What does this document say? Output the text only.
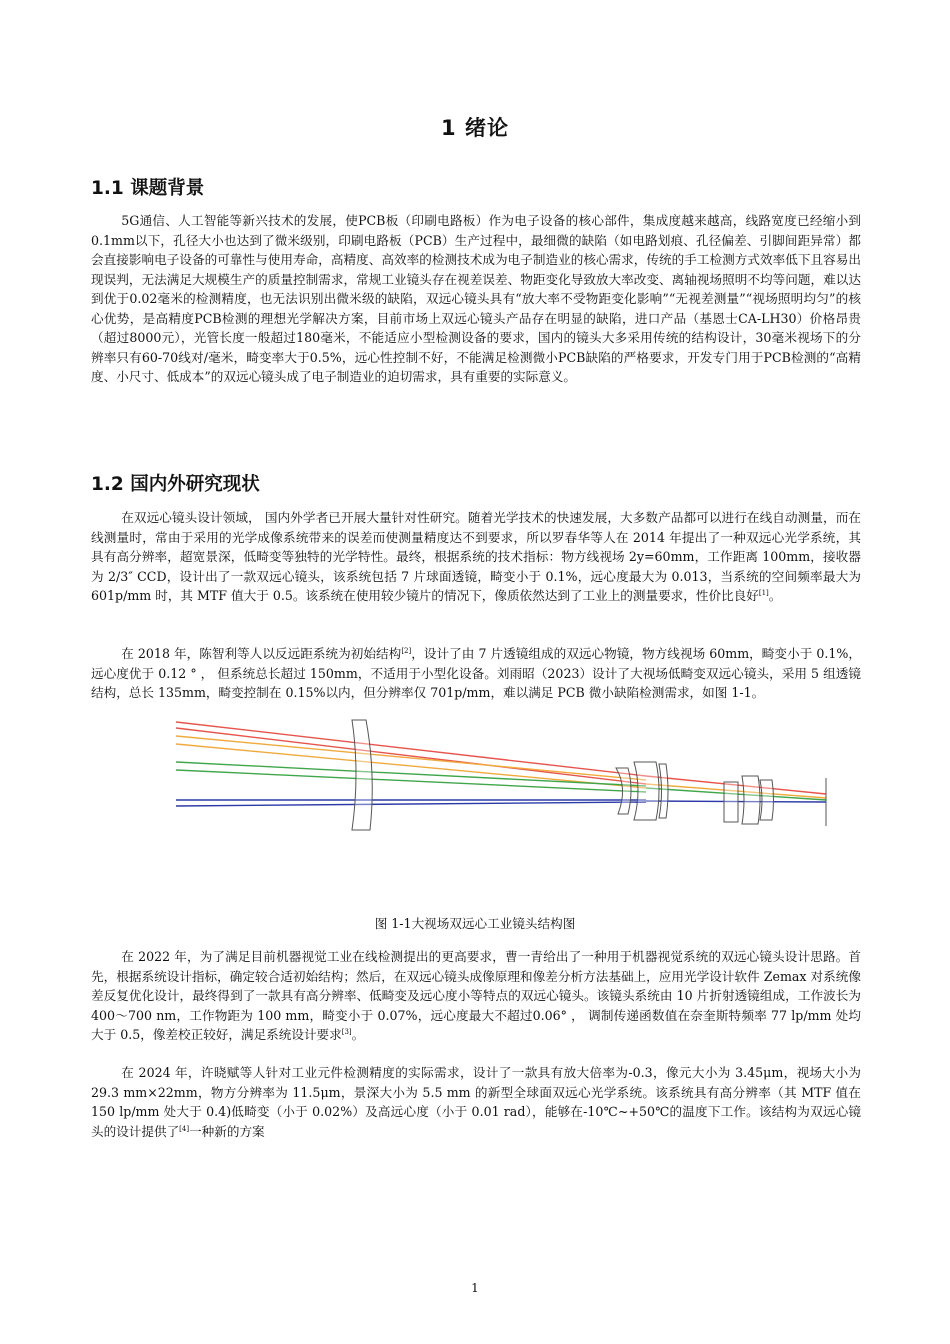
1 绪论
1.1 课题背景

5G通信、人工智能等新兴技术的发展，使PCB板（印刷电路板）作为电子设备的核心部件，集成度越来越高，线路宽度已经缩小到0.1mm以下，孔径大小也达到了微米级别，印刷电路板（PCB）生产过程中，最细微的缺陷（如电路划痕、孔径偏差、引脚间距异常）都会直接影响电子设备的可靠性与使用寿命，高精度、高效率的检测技术成为电子制造业的核心需求，传统的手工检测方式效率低下且容易出现误判，无法满足大规模生产的质量控制需求，常规工业镜头存在视差误差、物距变化导致放大率改变、离轴视场照明不均等问题，难以达到优于0.02毫米的检测精度，也无法识别出微米级的缺陷，双远心镜头具有“放大率不受物距变化影响”“无视差测量”“视场照明均匀”的核心优势，是高精度PCB检测的理想光学解决方案，目前市场上双远心镜头产品存在明显的缺陷，进口产品（基恩士CA-LH30）价格昂贵（超过8000元），光管长度一般超过180毫米，不能适应小型检测设备的要求，国内的镜头大多采用传统的结构设计，30毫米视场下的分辨率只有60-70线对/毫米，畸变率大于0.5%，远心性控制不好，不能满足检测微小PCB缺陷的严格要求，开发专门用于PCB检测的“高精度、小尺寸、低成本”的双远心镜头成了电子制造业的迫切需求，具有重要的实际意义。

1.2 国内外研究现状

在双远心镜头设计领域， 国内外学者已开展大量针对性研究。随着光学技术的快速发展，大多数产品都可以进行在线自动测量，而在线测量时，常由于采用的光学成像系统带来的误差而使测量精度达不到要求，所以罗春华等人在 2014 年提出了一种双远心光学系统，其具有高分辨率，超宽景深，低畸变等独特的光学特性。最终，根据系统的技术指标：物方线视场 2y=60mm，工作距离 100mm，接收器为 2/3″ CCD，设计出了一款双远心镜头，该系统包括 7 片球面透镜，畸变小于 0.1%，远心度最大为 0.013，当系统的空间频率最大为 601p/mm 时，其 MTF 值大于 0.5。该系统在使用较少镜片的情况下，像质依然达到了工业上的测量要求，性价比良好[1]。

在 2018 年，陈智利等人以反远距系统为初始结构[2]，设计了由 7 片透镜组成的双远心物镜，物方线视场 60mm，畸变小于 0.1%，远心度优于 0.12 ° ， 但系统总长超过 150mm，不适用于小型化设备。刘雨昭（2023）设计了大视场低畸变双远心镜头，采用 5 组透镜结构，总长 135mm，畸变控制在 0.15%以内，但分辨率仅 701p/mm，难以满足 PCB 微小缺陷检测需求，如图 1-1。

图 1-1大视场双远心工业镜头结构图

在 2022 年，为了满足目前机器视觉工业在线检测提出的更高要求，曹一青给出了一种用于机器视觉系统的双远心镜头设计思路。首先，根据系统设计指标，确定较合适初始结构；然后，在双远心镜头成像原理和像差分析方法基础上，应用光学设计软件 Zemax 对系统像差反复优化设计，最终得到了一款具有高分辨率、低畸变及远心度小等特点的双远心镜头。该镜头系统由 10 片折射透镜组成，工作波长为400～700 nm，工作物距为 100 mm，畸变小于 0.07%，远心度最大不超过0.06° ， 调制传递函数值在奈奎斯特频率 77 lp/mm 处均大于 0.5，像差校正较好，满足系统设计要求[3]。

在 2024 年，许晓赋等人针对工业元件检测精度的实际需求，设计了一款具有放大倍率为-0.3，像元大小为 3.45μm，视场大小为 29.3 mm×22mm，物方分辨率为 11.5μm，景深大小为 5.5 mm 的新型全球面双远心光学系统。该系统具有高分辨率（其 MTF 值在 150 lp/mm 处大于 0.4)低畸变（小于 0.02%）及高远心度（小于 0.01 rad），能够在-10℃~+50℃的温度下工作。该结构为双远心镜头的设计提供了[4]一种新的方案

1
